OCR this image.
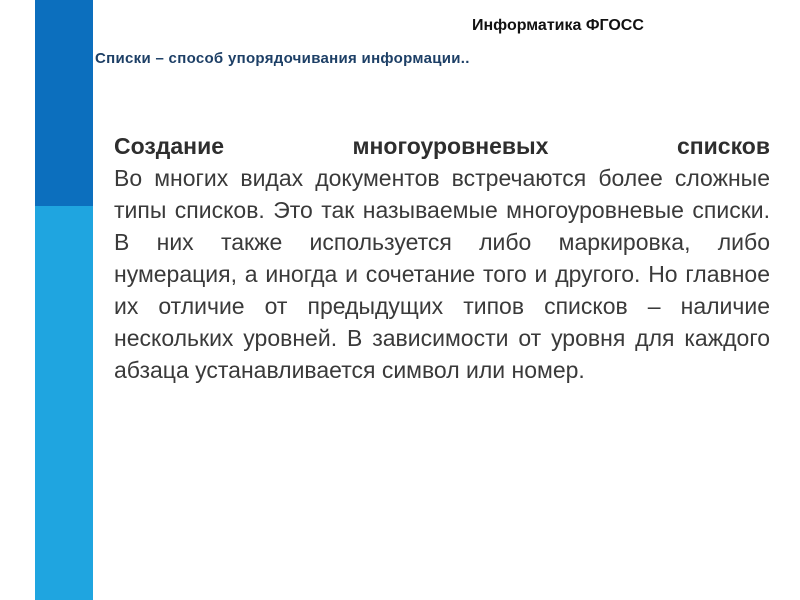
Информатика ФГОСС
Списки – способ упорядочивания информации..
Создание многоуровневых списков
Во многих видах документов встречаются более сложные типы списков. Это так называемые многоуровневые списки. В них также используется либо маркировка, либо нумерация, а иногда и сочетание того и другого. Но главное их отличие от предыдущих типов списков – наличие нескольких уровней. В зависимости от уровня для каждого абзаца устанавливается символ или номер.
